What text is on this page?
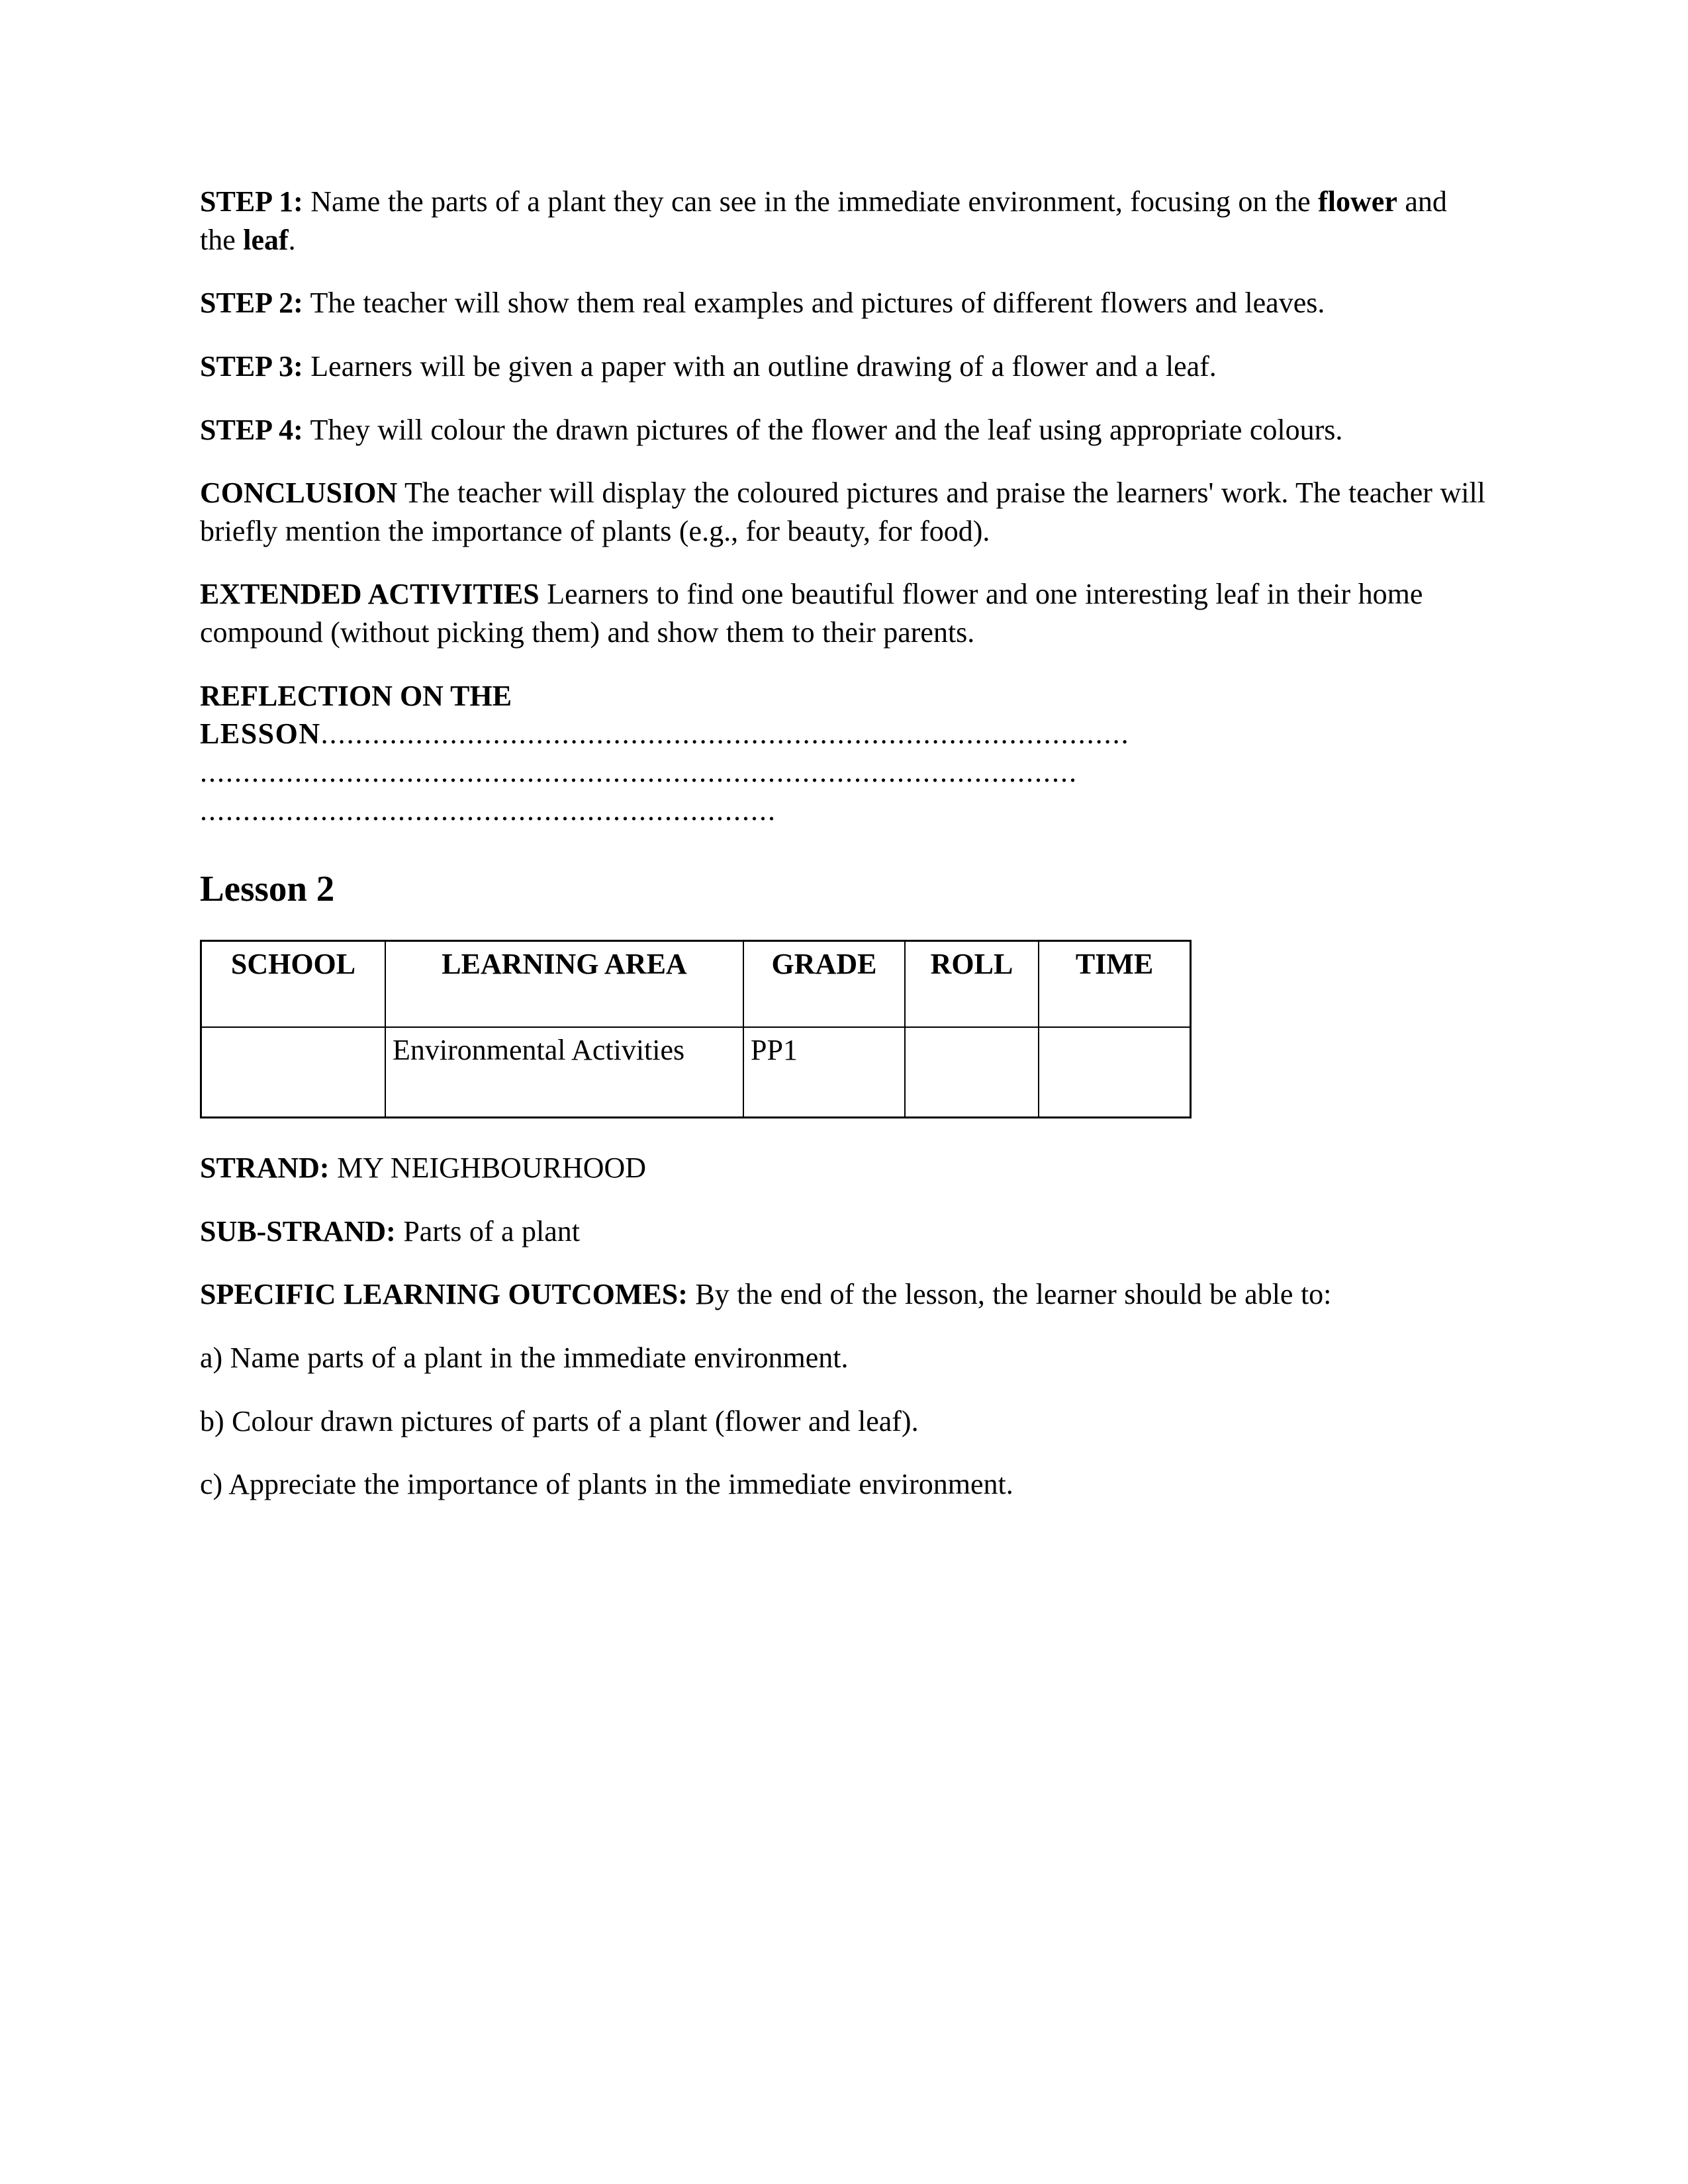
STEP 1: Name the parts of a plant they can see in the immediate environment, focusing on the flower and the leaf.

STEP 2: The teacher will show them real examples and pictures of different flowers and leaves.

STEP 3: Learners will be given a paper with an outline drawing of a flower and a leaf.

STEP 4: They will colour the drawn pictures of the flower and the leaf using appropriate colours.

CONCLUSION The teacher will display the coloured pictures and praise the learners' work. The teacher will briefly mention the importance of plants (e.g., for beauty, for food).

EXTENDED ACTIVITIES Learners to find one beautiful flower and one interesting leaf in their home compound (without picking them) and show them to their parents.

REFLECTION ON THE
LESSON..............................................................................................
......................................................................................................
...................................................................
Lesson 2
SCHOOL	LEARNING AREA	GRADE	ROLL	TIME
	Environmental Activities	PP1		

STRAND: MY NEIGHBOURHOOD

SUB-STRAND: Parts of a plant

SPECIFIC LEARNING OUTCOMES: By the end of the lesson, the learner should be able to:

a) Name parts of a plant in the immediate environment.

b) Colour drawn pictures of parts of a plant (flower and leaf).

c) Appreciate the importance of plants in the immediate environment.
